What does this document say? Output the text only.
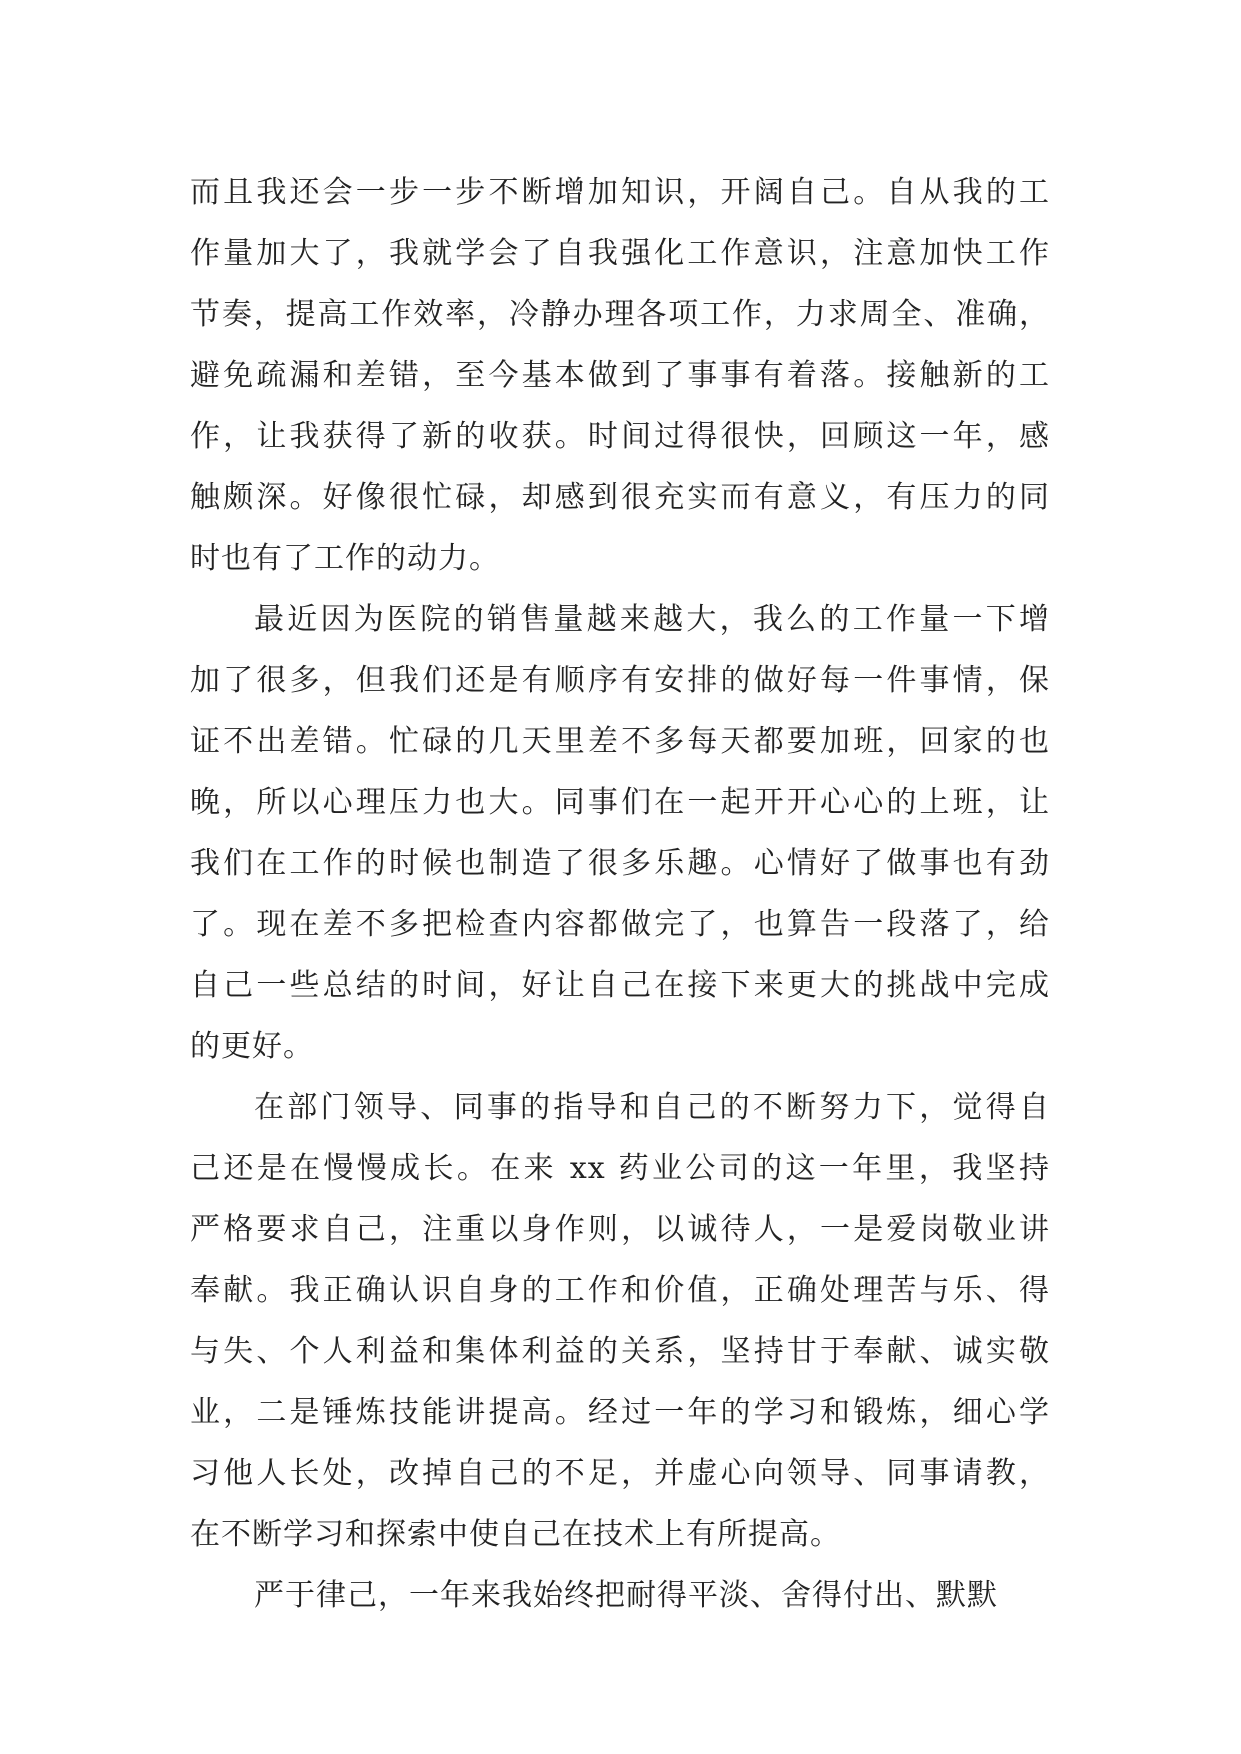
而且我还会一步一步不断增加知识，开阔自己。自从我的工
作量加大了，我就学会了自我强化工作意识，注意加快工作
节奏，提高工作效率，冷静办理各项工作，力求周全、准确，
避免疏漏和差错，至今基本做到了事事有着落。接触新的工
作，让我获得了新的收获。时间过得很快，回顾这一年，感
触颇深。好像很忙碌，却感到很充实而有意义，有压力的同
时也有了工作的动力。
最近因为医院的销售量越来越大，我么的工作量一下增
加了很多，但我们还是有顺序有安排的做好每一件事情，保
证不出差错。忙碌的几天里差不多每天都要加班，回家的也
晚，所以心理压力也大。同事们在一起开开心心的上班，让
我们在工作的时候也制造了很多乐趣。心情好了做事也有劲
了。现在差不多把检查内容都做完了，也算告一段落了，给
自己一些总结的时间，好让自己在接下来更大的挑战中完成
的更好。
在部门领导、同事的指导和自己的不断努力下，觉得自
己还是在慢慢成长。在来 xx 药业公司的这一年里，我坚持
严格要求自己，注重以身作则，以诚待人，一是爱岗敬业讲
奉献。我正确认识自身的工作和价值，正确处理苦与乐、得
与失、个人利益和集体利益的关系，坚持甘于奉献、诚实敬
业，二是锤炼技能讲提高。经过一年的学习和锻炼，细心学
习他人长处，改掉自己的不足，并虚心向领导、同事请教，
在不断学习和探索中使自己在技术上有所提高。
严于律己，一年来我始终把耐得平淡、舍得付出、默默
